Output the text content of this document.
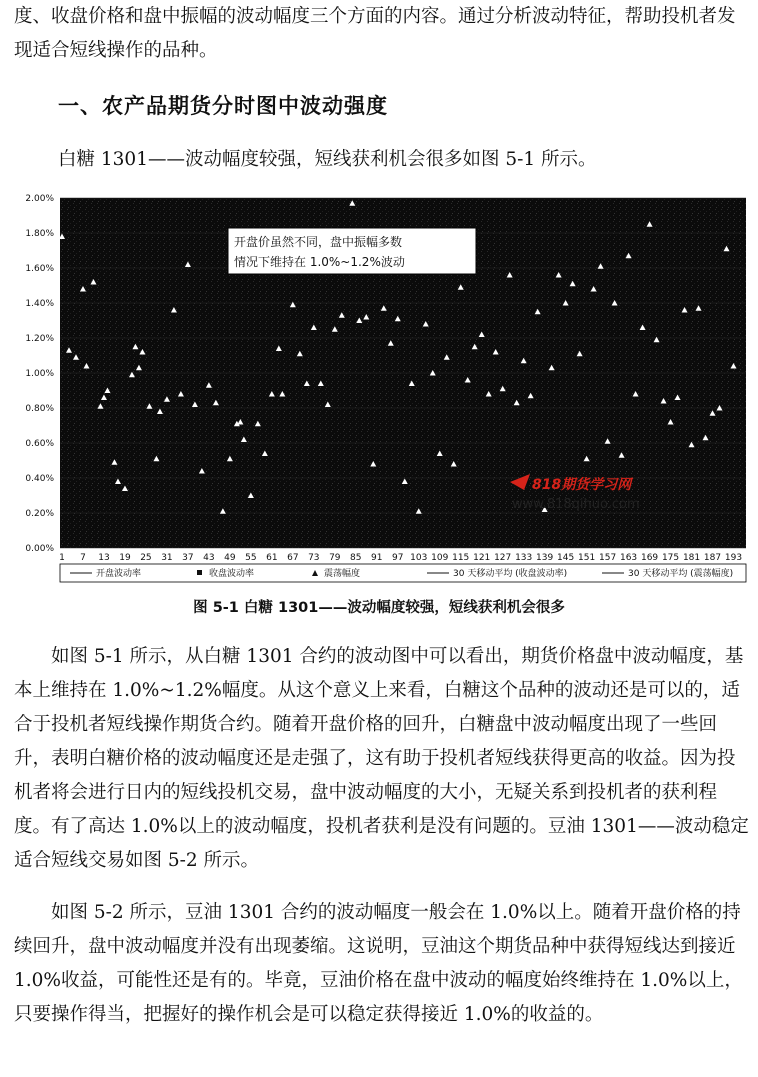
度、收盘价格和盘中振幅的波动幅度三个方面的内容。通过分析波动特征，帮助投机者发现适合短线操作的品种。

一、农产品期货分时图中波动强度

白糖 1301——波动幅度较强，短线获利机会很多如图 5-1 所示。

0.00%
0.20%
0.40%
0.60%
0.80%
1.00%
1.20%
1.40%
1.60%
1.80%
2.00%
1 7 13 19 25 31 37 43 49 55 61 67 73 79 85 91 97 103 109 115 121 127 133 139 145 151 157 163 169 175 181 187 193
开盘价虽然不同，盘中振幅多数
情况下维持在 1.0%~1.2%波动
818期货学习网
www.818qihuo.com
开盘波动率	收盘波动率	震荡幅度	30 天移动平均 (收盘波动率)	30 天移动平均 (震荡幅度)
图 5-1 白糖 1301——波动幅度较强，短线获利机会很多

如图 5-1 所示，从白糖 1301 合约的波动图中可以看出，期货价格盘中波动幅度，基本上维持在 1.0%~1.2%幅度。从这个意义上来看，白糖这个品种的波动还是可以的，适合于投机者短线操作期货合约。随着开盘价格的回升，白糖盘中波动幅度出现了一些回升，表明白糖价格的波动幅度还是走强了，这有助于投机者短线获得更高的收益。因为投机者将会进行日内的短线投机交易，盘中波动幅度的大小，无疑关系到投机者的获利程度。有了高达 1.0%以上的波动幅度，投机者获利是没有问题的。豆油 1301——波动稳定适合短线交易如图 5-2 所示。

如图 5-2 所示，豆油 1301 合约的波动幅度一般会在 1.0%以上。随着开盘价格的持续回升，盘中波动幅度并没有出现萎缩。这说明，豆油这个期货品种中获得短线达到接近 1.0%收益，可能性还是有的。毕竟，豆油价格在盘中波动的幅度始终维持在 1.0%以上，只要操作得当，把握好的操作机会是可以稳定获得接近 1.0%的收益的。
